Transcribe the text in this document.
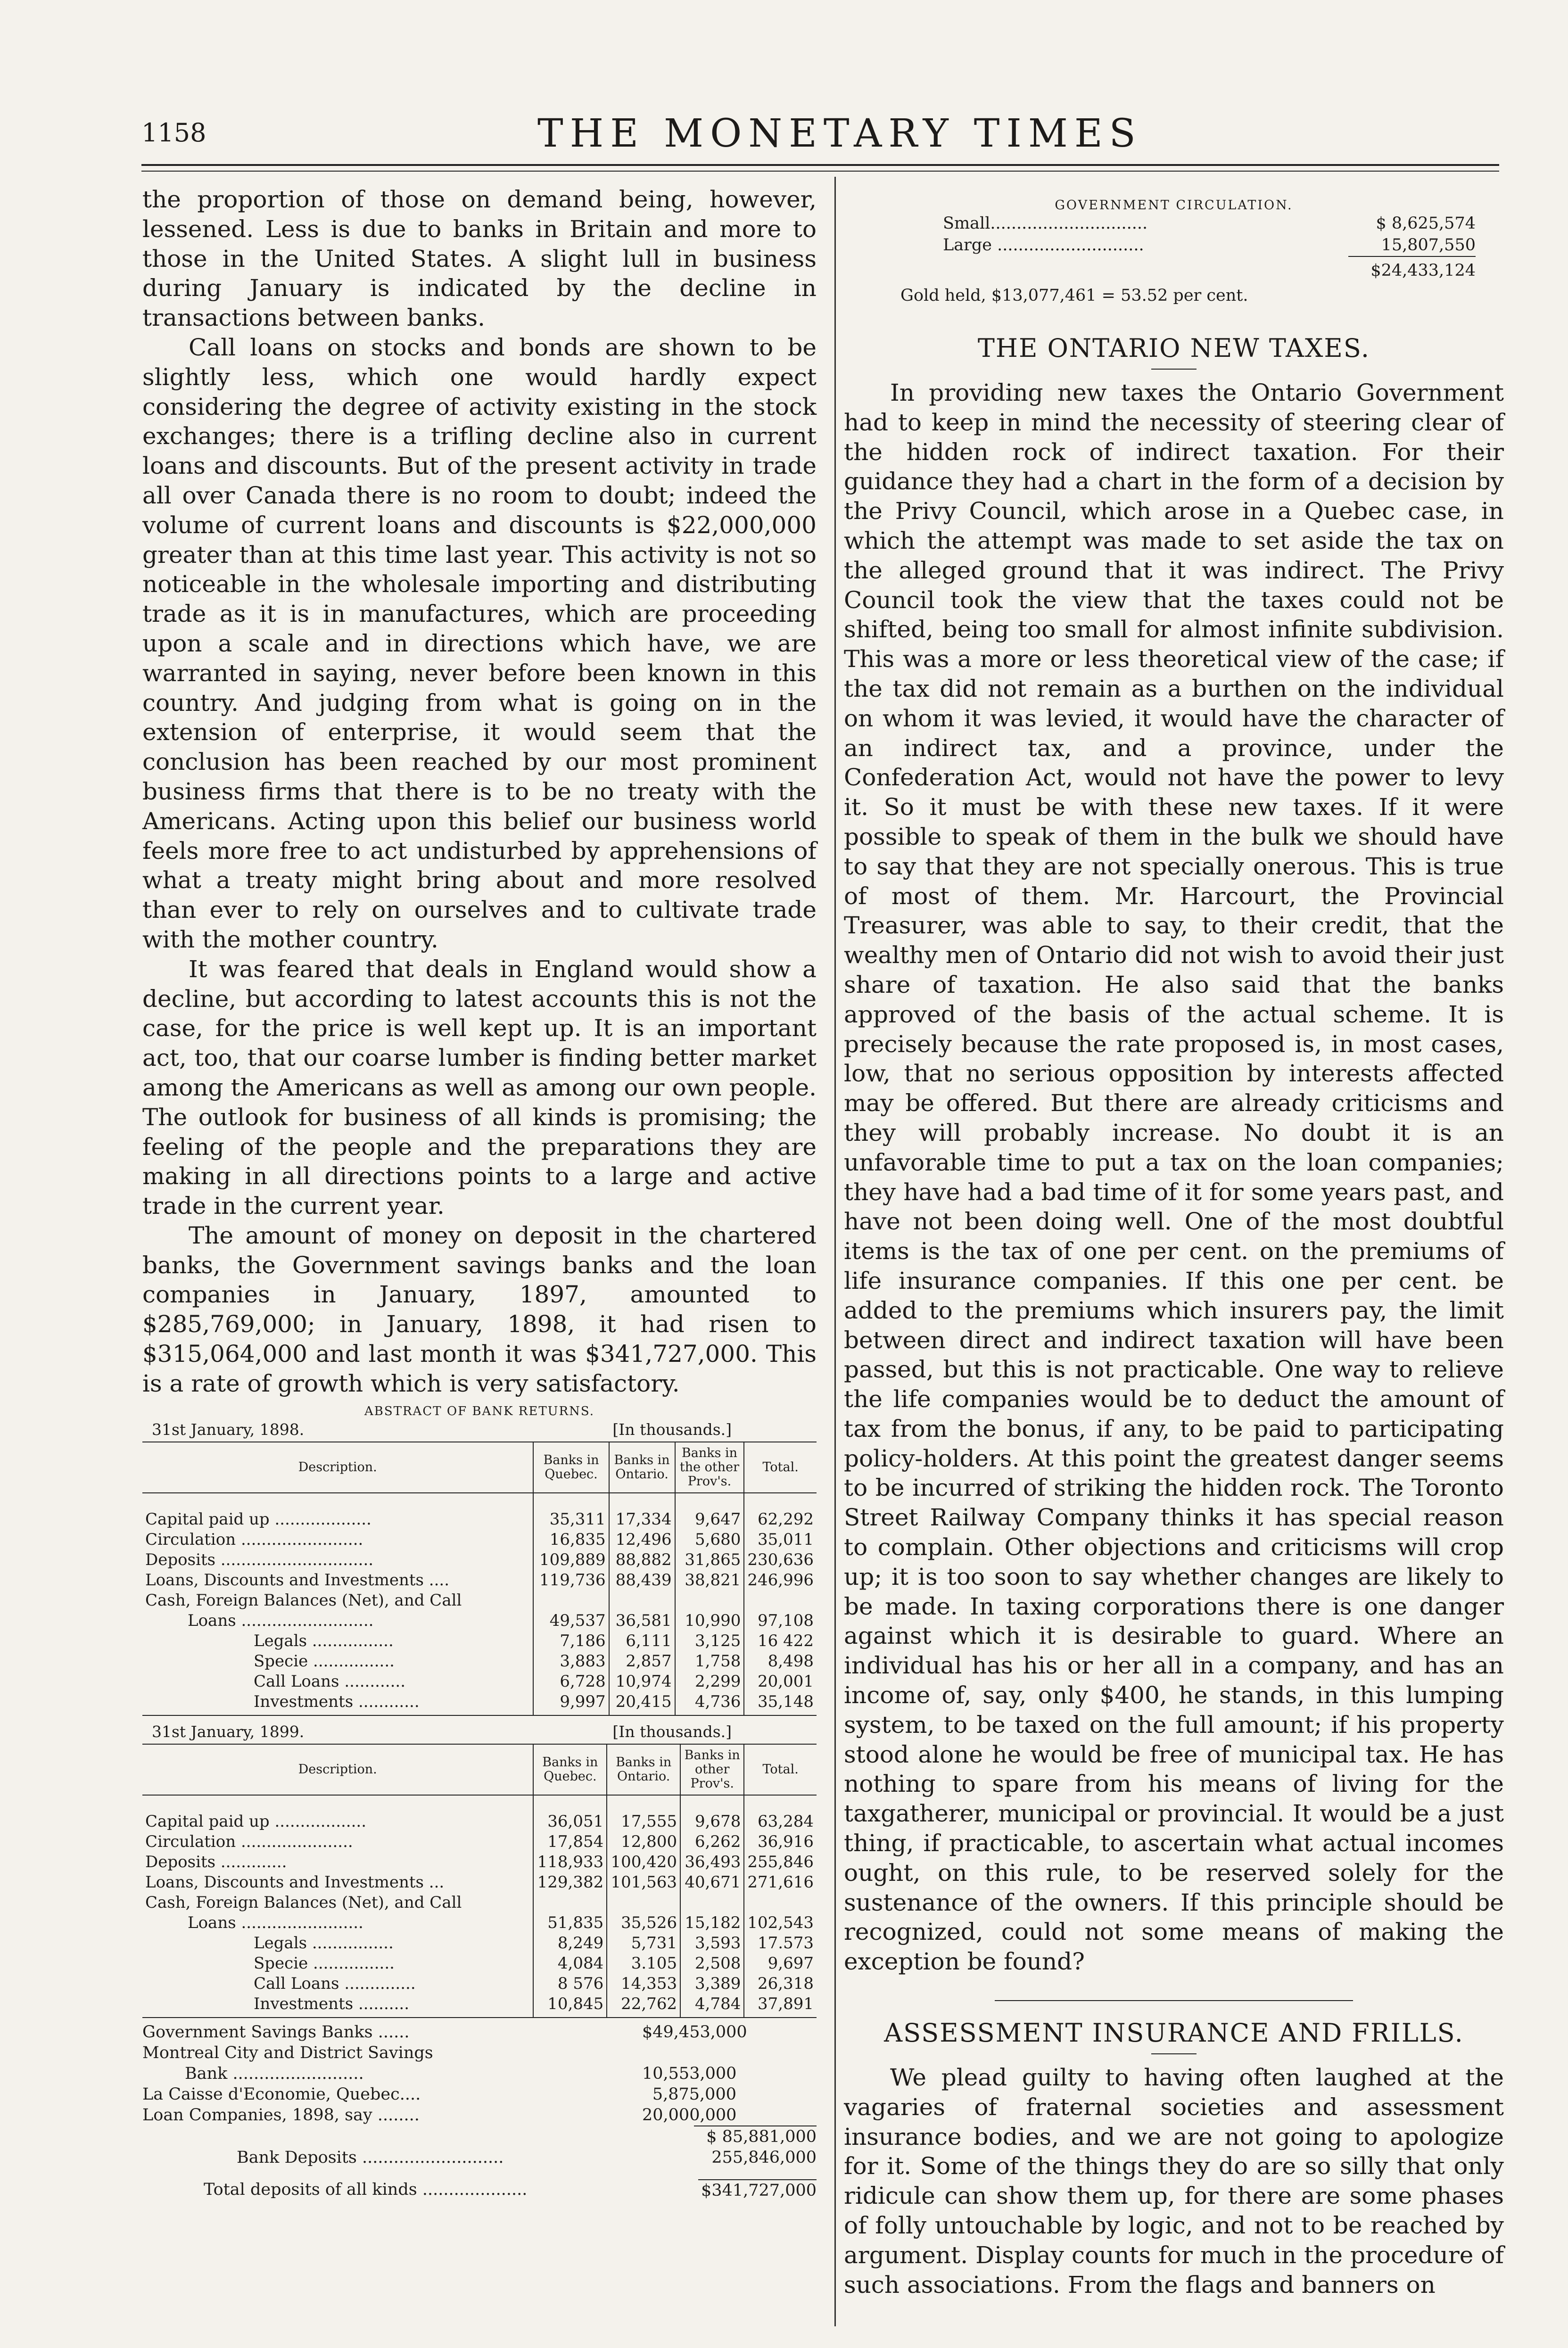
1158	THE MONETARY TIMES

the proportion of those on demand being, however, lessened. Less is due to banks in Britain and more to those in the United States. A slight lull in business during January is indicated by the decline in transactions between banks.

Call loans on stocks and bonds are shown to be slightly less, which one would hardly expect considering the degree of activity existing in the stock exchanges; there is a trifling decline also in current loans and discounts. But of the present activity in trade all over Canada there is no room to doubt; indeed the volume of current loans and discounts is $22,000,000 greater than at this time last year. This activity is not so noticeable in the wholesale importing and distributing trade as it is in manufactures, which are proceeding upon a scale and in directions which have, we are warranted in saying, never before been known in this country. And judging from what is going on in the extension of enterprise, it would seem that the conclusion has been reached by our most prominent business firms that there is to be no treaty with the Americans. Acting upon this belief our business world feels more free to act undisturbed by apprehensions of what a treaty might bring about and more resolved than ever to rely on ourselves and to cultivate trade with the mother country.

It was feared that deals in England would show a decline, but according to latest accounts this is not the case, for the price is well kept up. It is an important act, too, that our coarse lumber is finding better market among the Americans as well as among our own people. The outlook for business of all kinds is promising; the feeling of the people and the preparations they are making in all directions points to a large and active trade in the current year.

The amount of money on deposit in the chartered banks, the Government savings banks and the loan companies in January, 1897, amounted to $285,769,000; in January, 1898, it had risen to $315,064,000 and last month it was $341,727,000. This is a rate of growth which is very satisfactory.

ABSTRACT OF BANK RETURNS.
31st January, 1898.	[In thousands.]
Description.	Banks in Quebec.	Banks in Ontario.	Banks in the other Prov's.	Total.

Capital paid up ...................	35,311	17,334	9,647	62,292
Circulation ........................	16,835	12,496	5,680	35,011
Deposits ..............................	109,889	88,882	31,865	230,636
Loans, Discounts and Investments ....	119,736	88,439	38,821	246,996
Cash, Foreign Balances (Net), and Call				
Loans ..........................	49,537	36,581	10,990	97,108
Legals ................	7,186	6,111	3,125	16 422
Specie ................	3,883	2,857	1,758	8,498
Call Loans ............	6,728	10,974	2,299	20,001
Investments ............	9,997	20,415	4,736	35,148
31st January, 1899.	[In thousands.]
Description.	Banks in Quebec.	Banks in Ontario.	Banks in other Prov's.	Total.

Capital paid up ..................	36,051	17,555	9,678	63,284
Circulation ......................	17,854	12,800	6,262	36,916
Deposits .............	118,933	100,420	36,493	255,846
Loans, Discounts and Investments ...	129,382	101,563	40,671	271,616
Cash, Foreign Balances (Net), and Call				
Loans ........................	51,835	35,526	15,182	102,543
Legals ................	8,249	5,731	3,593	17.573
Specie ................	4,084	3.105	2,508	9,697
Call Loans ..............	8 576	14,353	3,389	26,318
Investments ..........	10,845	22,762	4,784	37,891
Government Savings Banks ......	$49,453,000
Montreal City and District Savings
Bank .........................	10,553,000
La Caisse d'Economie, Quebec....	5,875,000
Loan Companies, 1898, say ........	20,000,000
$ 85,881,000
Bank Deposits ...........................	255,846,000
Total deposits of all kinds ....................	$341,727,000
GOVERNMENT CIRCULATION.
Small..............................	$ 8,625,574
Large ............................	15,807,550
$24,433,124
Gold held, $13,077,461 = 53.52 per cent.
THE ONTARIO NEW TAXES.

In providing new taxes the Ontario Government had to keep in mind the necessity of steering clear of the hidden rock of indirect taxation. For their guidance they had a chart in the form of a decision by the Privy Council, which arose in a Quebec case, in which the attempt was made to set aside the tax on the alleged ground that it was indirect. The Privy Council took the view that the taxes could not be shifted, being too small for almost infinite subdivision. This was a more or less theoretical view of the case; if the tax did not remain as a burthen on the individual on whom it was levied, it would have the character of an indirect tax, and a province, under the Confederation Act, would not have the power to levy it. So it must be with these new taxes. If it were possible to speak of them in the bulk we should have to say that they are not specially onerous. This is true of most of them. Mr. Harcourt, the Provincial Treasurer, was able to say, to their credit, that the wealthy men of Ontario did not wish to avoid their just share of taxation. He also said that the banks approved of the basis of the actual scheme. It is precisely because the rate proposed is, in most cases, low, that no serious opposition by interests affected may be offered. But there are already criticisms and they will probably increase. No doubt it is an unfavorable time to put a tax on the loan companies; they have had a bad time of it for some years past, and have not been doing well. One of the most doubtful items is the tax of one per cent. on the premiums of life insurance companies. If this one per cent. be added to the premiums which insurers pay, the limit between direct and indirect taxation will have been passed, but this is not practicable. One way to relieve the life companies would be to deduct the amount of tax from the bonus, if any, to be paid to participating policy-holders. At this point the greatest danger seems to be incurred of striking the hidden rock. The Toronto Street Railway Company thinks it has special reason to complain. Other objections and criticisms will crop up; it is too soon to say whether changes are likely to be made. In taxing corporations there is one danger against which it is desirable to guard. Where an individual has his or her all in a company, and has an income of, say, only $400, he stands, in this lumping system, to be taxed on the full amount; if his property stood alone he would be free of municipal tax. He has nothing to spare from his means of living for the taxgatherer, municipal or provincial. It would be a just thing, if practicable, to ascertain what actual incomes ought, on this rule, to be reserved solely for the sustenance of the owners. If this principle should be recognized, could not some means of making the exception be found?

ASSESSMENT INSURANCE AND FRILLS.

We plead guilty to having often laughed at the vagaries of fraternal societies and assessment insurance bodies, and we are not going to apologize for it. Some of the things they do are so silly that only ridicule can show them up, for there are some phases of folly untouchable by logic, and not to be reached by argument. Display counts for much in the procedure of such associations. From the flags and banners on
